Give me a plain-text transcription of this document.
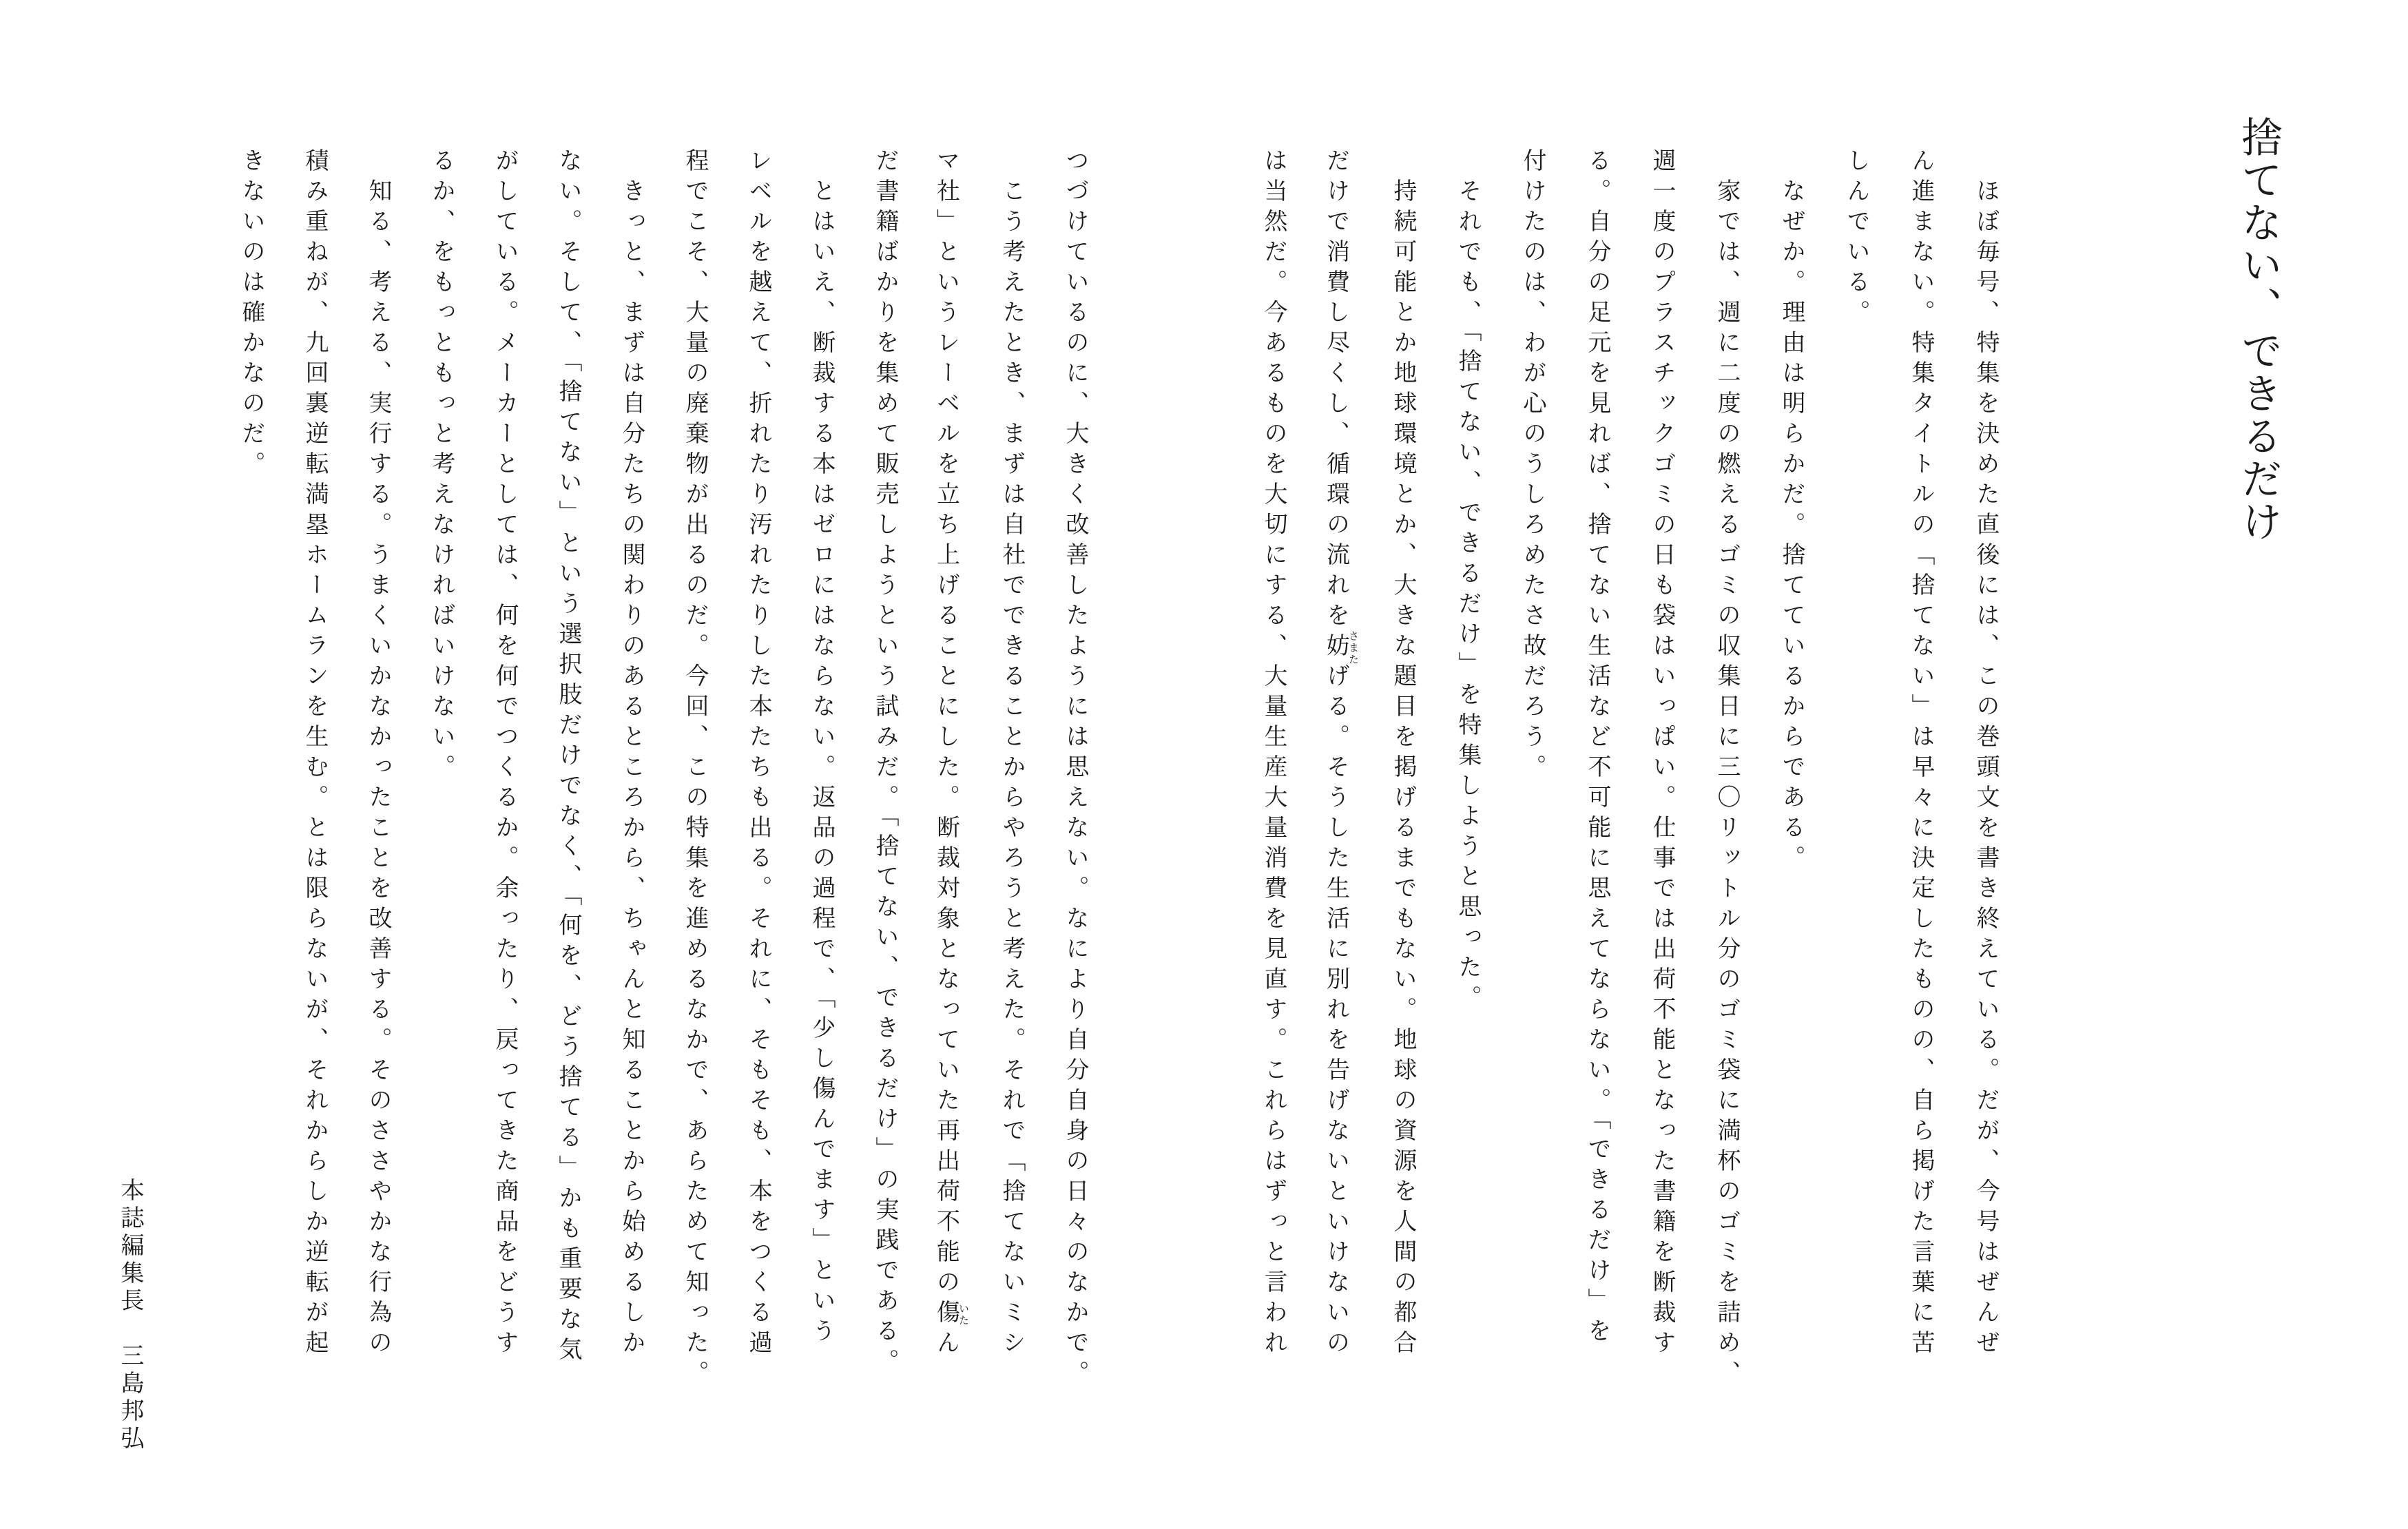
捨てない、できるだけ
　ほぼ毎号、特集を決めた直後には、この巻頭文を書き終えている。だが、今号はぜんぜ
ん進まない。特集タイトルの「捨てない」は早々に決定したものの、自ら掲げた言葉に苦
しんでいる。
　なぜか。理由は明らかだ。捨てているからである。
　家では、週に二度の燃えるゴミの収集日に三〇リットル分のゴミ袋に満杯のゴミを詰め、
週一度のプラスチックゴミの日も袋はいっぱい。仕事では出荷不能となった書籍を断裁す
る。自分の足元を見れば、捨てない生活など不可能に思えてならない。「できるだけ」を
付けたのは、わが心のうしろめたさ故だろう。
　それでも、「捨てない、できるだけ」を特集しようと思った。
　持続可能とか地球環境とか、大きな題目を掲げるまでもない。地球の資源を人間の都合
だけで消費し尽くし、循環の流れを妨さまたげる。そうした生活に別れを告げないといけないの
は当然だ。今あるものを大切にする、大量生産大量消費を見直す。これらはずっと言われ
つづけているのに、大きく改善したようには思えない。なにより自分自身の日々のなかで。
　こう考えたとき、まずは自社でできることからやろうと考えた。それで「捨てないミシ
マ社」というレーベルを立ち上げることにした。断裁対象となっていた再出荷不能の傷いたん
だ書籍ばかりを集めて販売しようという試みだ。「捨てない、できるだけ」の実践である。
　とはいえ、断裁する本はゼロにはならない。返品の過程で、「少し傷んでます」という
レベルを越えて、折れたり汚れたりした本たちも出る。それに、そもそも、本をつくる過
程でこそ、大量の廃棄物が出るのだ。今回、この特集を進めるなかで、あらためて知った。
　きっと、まずは自分たちの関わりのあるところから、ちゃんと知ることから始めるしか
ない。そして、「捨てない」という選択肢だけでなく、「何を、どう捨てる」かも重要な気
がしている。メーカーとしては、何を何でつくるか。余ったり、戻ってきた商品をどうす
るか、をもっともっと考えなければいけない。
　知る、考える、実行する。うまくいかなかったことを改善する。そのささやかな行為の
積み重ねが、九回裏逆転満塁ホームランを生む。とは限らないが、それからしか逆転が起
きないのは確かなのだ。
本誌編集長　三島邦弘
